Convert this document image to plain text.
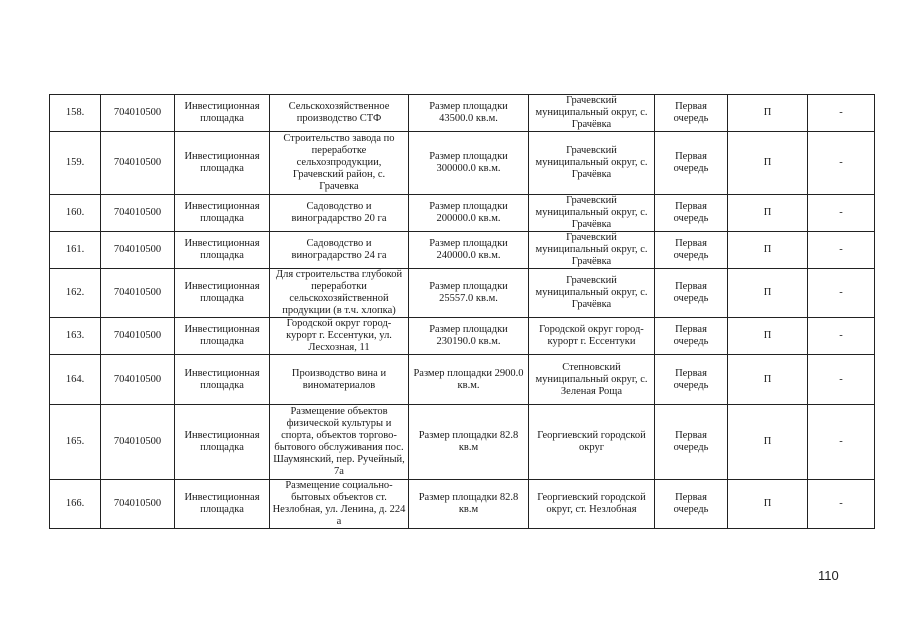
158.	704010500	Инвестиционная площадка	Сельскохозяйственное производство СТФ	Размер площадки 43500.0 кв.м.	Грачевский муниципальный округ, с. Грачёвка	Первая очередь	П	-
159.	704010500	Инвестиционная площадка	Строительство завода по переработке сельхозпродукции, Грачевский район, с. Грачевка	Размер площадки 300000.0 кв.м.	Грачевский муниципальный округ, с. Грачёвка	Первая очередь	П	-
160.	704010500	Инвестиционная площадка	Садоводство и виноградарство 20 га	Размер площадки 200000.0 кв.м.	Грачевский муниципальный округ, с. Грачёвка	Первая очередь	П	-
161.	704010500	Инвестиционная площадка	Садоводство и виноградарство 24 га	Размер площадки 240000.0 кв.м.	Грачевский муниципальный округ, с. Грачёвка	Первая очередь	П	-
162.	704010500	Инвестиционная площадка	Для строительства глубокой переработки сельскохозяйственной продукции (в т.ч. хлопка)	Размер площадки 25557.0 кв.м.	Грачевский муниципальный округ, с. Грачёвка	Первая очередь	П	-
163.	704010500	Инвестиционная площадка	Городской округ город-курорт г. Ессентуки, ул. Лесхозная, 11	Размер площадки 230190.0 кв.м.	Городской округ город-курорт г. Ессентуки	Первая очередь	П	-
164.	704010500	Инвестиционная площадка	Производство вина и виноматериалов	Размер площадки 2900.0 кв.м.	Степновский муниципальный округ, с. Зеленая Роща	Первая очередь	П	-
165.	704010500	Инвестиционная площадка	Размещение объектов физической культуры и спорта, объектов торгово-бытового обслуживания пос. Шаумянский, пер. Ручейный, 7а	Размер площадки 82.8 кв.м	Георгиевский городской округ	Первая очередь	П	-
166.	704010500	Инвестиционная площадка	Размещение социально-бытовых объектов ст. Незлобная, ул. Ленина, д. 224 а	Размер площадки 82.8 кв.м	Георгиевский городской округ, ст. Незлобная	Первая очередь	П	-
110
